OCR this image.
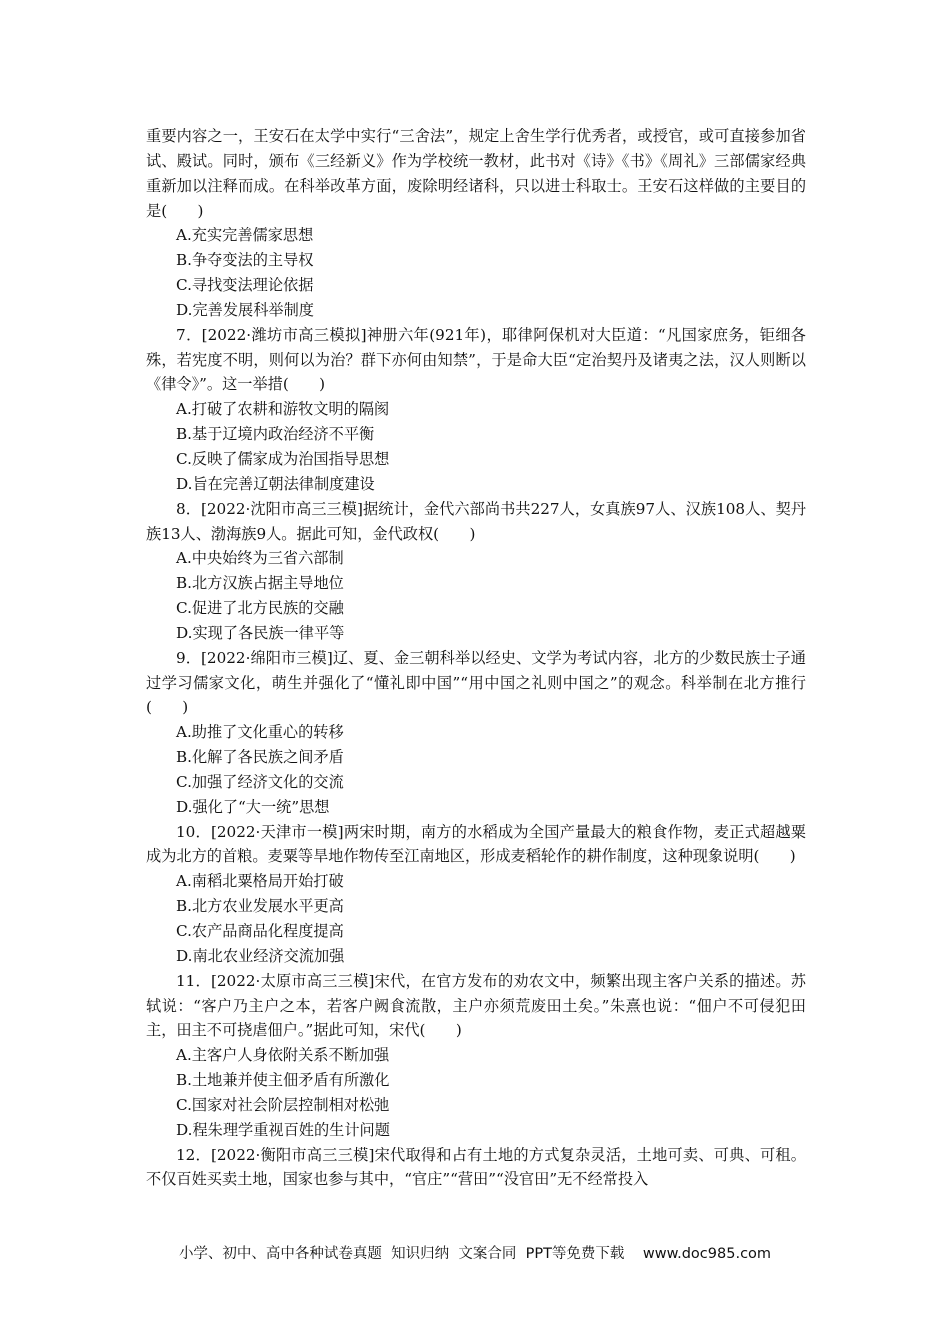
重要内容之一，王安石在太学中实行“三舍法”，规定上舍生学行优秀者，或授官，或可直接参加省试、殿试。同时，颁布《三经新义》作为学校统一教材，此书对《诗》《书》《周礼》三部儒家经典重新加以注释而成。在科举改革方面，废除明经诸科，只以进士科取士。王安石这样做的主要目的是(　　)

A.充实完善儒家思想

B.争夺变法的主导权

C.寻找变法理论依据

D.完善发展科举制度

7．[2022·潍坊市高三模拟]神册六年(921年)，耶律阿保机对大臣道：“凡国家庶务，钜细各殊，若宪度不明，则何以为治？群下亦何由知禁”，于是命大臣“定治契丹及诸夷之法，汉人则断以《律令》”。这一举措(　　)

A.打破了农耕和游牧文明的隔阂

B.基于辽境内政治经济不平衡

C.反映了儒家成为治国指导思想

D.旨在完善辽朝法律制度建设

8．[2022·沈阳市高三三模]据统计，金代六部尚书共227人，女真族97人、汉族108人、契丹族13人、渤海族9人。据此可知，金代政权(　　)

A.中央始终为三省六部制

B.北方汉族占据主导地位

C.促进了北方民族的交融

D.实现了各民族一律平等

9．[2022·绵阳市三模]辽、夏、金三朝科举以经史、文学为考试内容，北方的少数民族士子通过学习儒家文化，萌生并强化了“懂礼即中国”“用中国之礼则中国之”的观念。科举制在北方推行(　　)

A.助推了文化重心的转移

B.化解了各民族之间矛盾

C.加强了经济文化的交流

D.强化了“大一统”思想

10．[2022·天津市一模]两宋时期，南方的水稻成为全国产量最大的粮食作物，麦正式超越粟成为北方的首粮。麦粟等旱地作物传至江南地区，形成麦稻轮作的耕作制度，这种现象说明(　　)

A.南稻北粟格局开始打破

B.北方农业发展水平更高

C.农产品商品化程度提高

D.南北农业经济交流加强

11．[2022·太原市高三三模]宋代，在官方发布的劝农文中，频繁出现主客户关系的描述。苏轼说：“客户乃主户之本，若客户阙食流散，主户亦须荒废田土矣。”朱熹也说：“佃户不可侵犯田主，田主不可挠虐佃户。”据此可知，宋代(　　)

A.主客户人身依附关系不断加强

B.土地兼并使主佃矛盾有所激化

C.国家对社会阶层控制相对松弛

D.程朱理学重视百姓的生计问题

12．[2022·衡阳市高三三模]宋代取得和占有土地的方式复杂灵活，土地可卖、可典、可租。不仅百姓买卖土地，国家也参与其中，“官庄”“营田”“没官田”无不经常投入

小学、初中、高中各种试卷真题  知识归纳  文案合同  PPT等免费下载 www.doc985.com
